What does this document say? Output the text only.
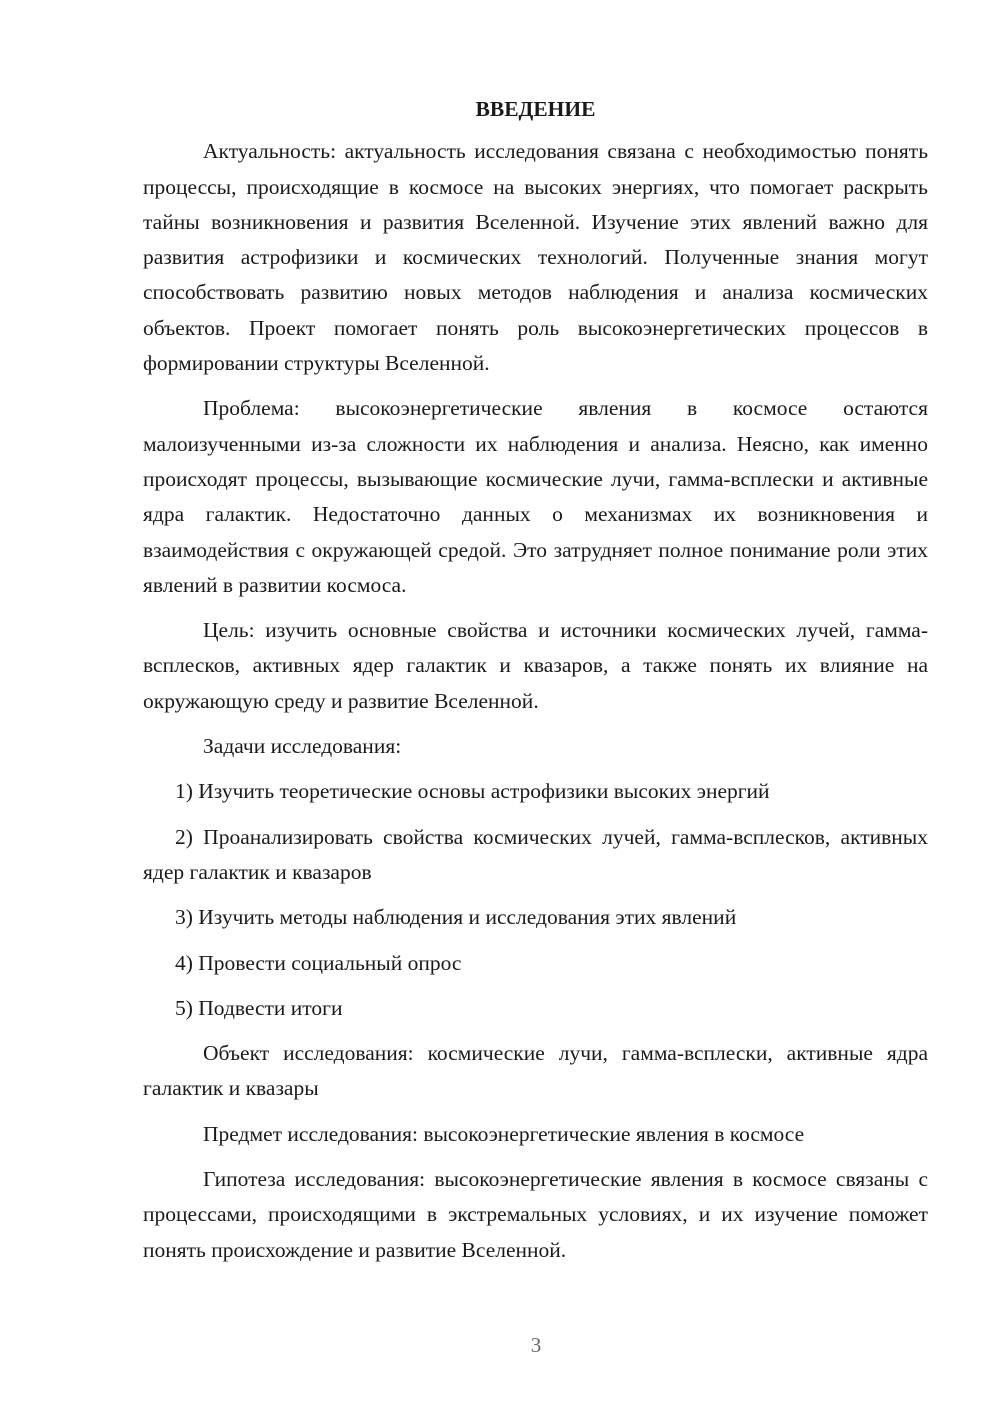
ВВЕДЕНИЕ

Актуальность: актуальность исследования связана с необходимостью понять процессы, происходящие в космосе на высоких энергиях, что помогает раскрыть тайны возникновения и развития Вселенной. Изучение этих явлений важно для развития астрофизики и космических технологий. Полученные знания могут способствовать развитию новых методов наблюдения и анализа космических объектов. Проект помогает понять роль высокоэнергетических процессов в формировании структуры Вселенной.

Проблема: высокоэнергетические явления в космосе остаются малоизученными из-за сложности их наблюдения и анализа. Неясно, как именно происходят процессы, вызывающие космические лучи, гамма-всплески и активные ядра галактик. Недостаточно данных о механизмах их возникновения и взаимодействия с окружающей средой. Это затрудняет полное понимание роли этих явлений в развитии космоса.

Цель: изучить основные свойства и источники космических лучей, гамма-всплесков, активных ядер галактик и квазаров, а также понять их влияние на окружающую среду и развитие Вселенной.

Задачи исследования:

1) Изучить теоретические основы астрофизики высоких энергий

2) Проанализировать свойства космических лучей, гамма-всплесков, активных ядер галактик и квазаров

3) Изучить методы наблюдения и исследования этих явлений

4) Провести социальный опрос

5) Подвести итоги

Объект исследования: космические лучи, гамма-всплески, активные ядра галактик и квазары

Предмет исследования: высокоэнергетические явления в космосе

Гипотеза исследования: высокоэнергетические явления в космосе связаны с процессами, происходящими в экстремальных условиях, и их изучение поможет понять происхождение и развитие Вселенной.

3
